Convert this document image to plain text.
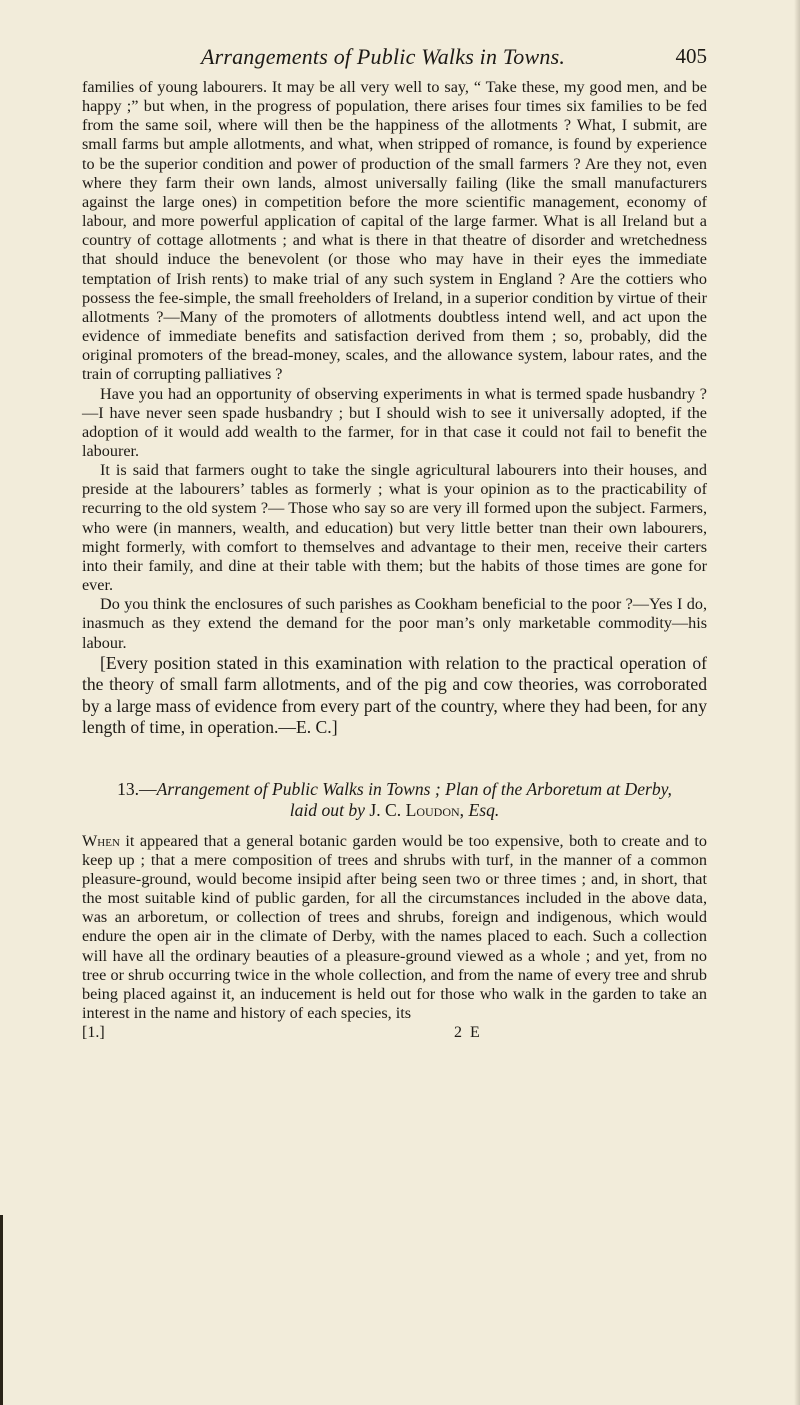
Arrangements of Public Walks in Towns.	405

families of young labourers. It may be all very well to say, “ Take these, my good men, and be happy ;” but when, in the progress of population, there arises four times six families to be fed from the same soil, where will then be the happiness of the allotments ? What, I submit, are small farms but ample allotments, and what, when stripped of romance, is found by experience to be the superior condition and power of production of the small farmers ? Are they not, even where they farm their own lands, almost universally failing (like the small manufacturers against the large ones) in competition before the more scientific management, economy of labour, and more powerful application of capital of the large farmer. What is all Ireland but a country of cottage allotments ; and what is there in that theatre of disorder and wretchedness that should induce the benevolent (or those who may have in their eyes the immediate temptation of Irish rents) to make trial of any such system in England ? Are the cottiers who possess the fee-simple, the small freeholders of Ireland, in a superior condition by virtue of their allotments ?—Many of the promoters of allotments doubtless intend well, and act upon the evidence of immediate benefits and satisfaction derived from them ; so, probably, did the original promoters of the bread-money, scales, and the allowance system, labour rates, and the train of corrupting palliatives ?

Have you had an opportunity of observing experiments in what is termed spade husbandry ?—I have never seen spade husbandry ; but I should wish to see it universally adopted, if the adoption of it would add wealth to the farmer, for in that case it could not fail to benefit the labourer.

It is said that farmers ought to take the single agricultural labourers into their houses, and preside at the labourers’ tables as formerly ; what is your opinion as to the practicability of recurring to the old system ?— Those who say so are very ill formed upon the subject. Farmers, who were (in manners, wealth, and education) but very little better tnan their own labourers, might formerly, with comfort to themselves and advantage to their men, receive their carters into their family, and dine at their table with them; but the habits of those times are gone for ever.

Do you think the enclosures of such parishes as Cookham beneficial to the poor ?—Yes I do, inasmuch as they extend the demand for the poor man’s only marketable commodity—his labour.

[Every position stated in this examination with relation to the practical operation of the theory of small farm allotments, and of the pig and cow theories, was corroborated by a large mass of evidence from every part of the country, where they had been, for any length of time, in operation.—E. C.]

13.—Arrangement of Public Walks in Towns ; Plan of the Arboretum at Derby, laid out by J. C. Loudon, Esq.

When it appeared that a general botanic garden would be too expensive, both to create and to keep up ; that a mere composition of trees and shrubs with turf, in the manner of a common pleasure-ground, would become insipid after being seen two or three times ; and, in short, that the most suitable kind of public garden, for all the circumstances included in the above data, was an arboretum, or collection of trees and shrubs, foreign and indigenous, which would endure the open air in the climate of Derby, with the names placed to each. Such a collection will have all the ordinary beauties of a pleasure-ground viewed as a whole ; and yet, from no tree or shrub occurring twice in the whole collection, and from the name of every tree and shrub being placed against it, an inducement is held out for those who walk in the garden to take an interest in the name and history of each species, its

[1.]	2 E
